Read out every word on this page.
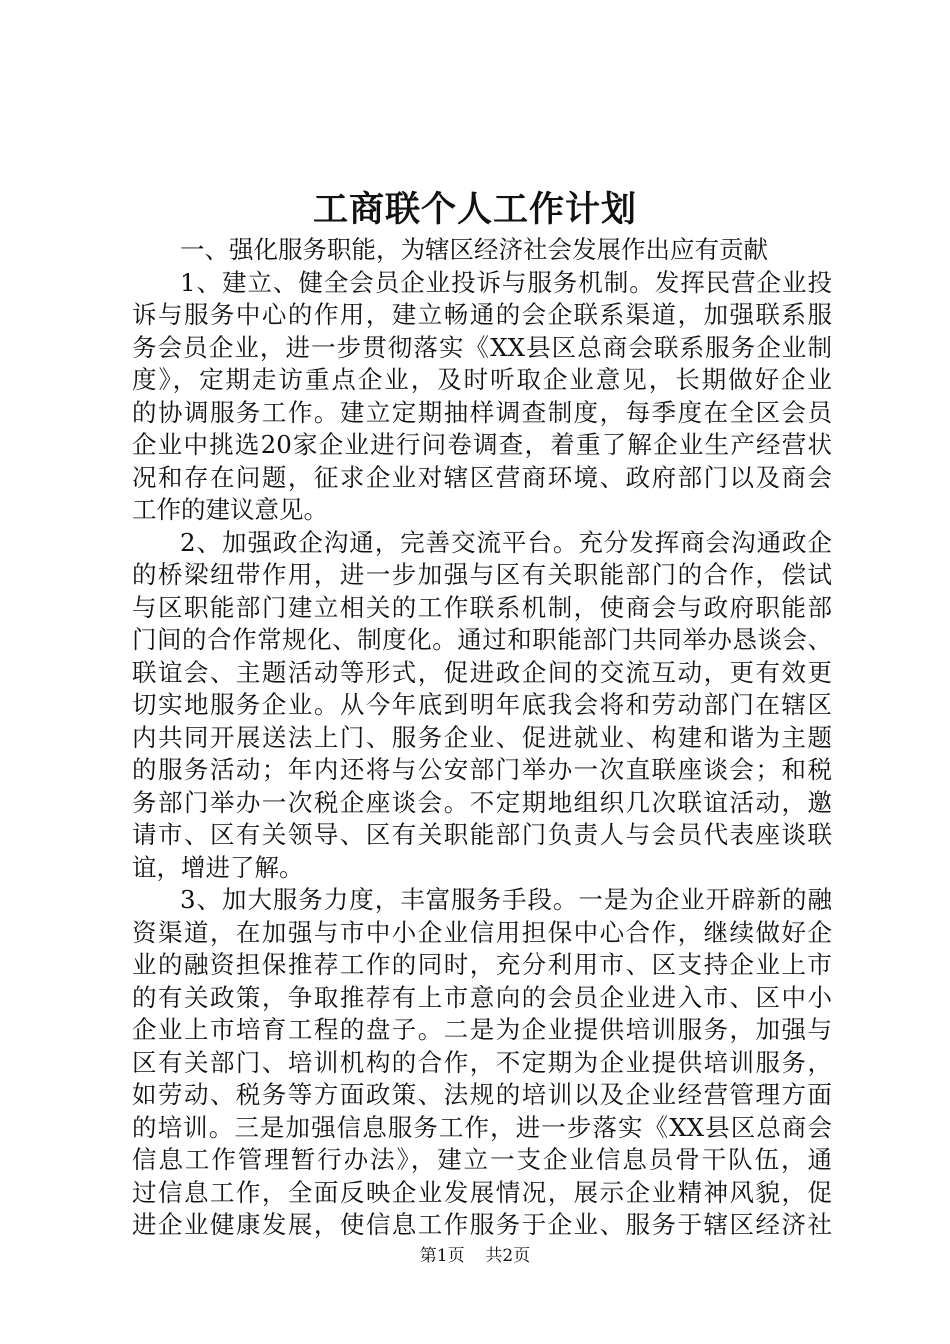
工商联个人工作计划
一、强化服务职能，为辖区经济社会发展作出应有贡献
1、建立、健全会员企业投诉与服务机制。发挥民营企业投
诉与服务中心的作用，建立畅通的会企联系渠道，加强联系服
务会员企业，进一步贯彻落实《XX县区总商会联系服务企业制
度》，定期走访重点企业，及时听取企业意见，长期做好企业
的协调服务工作。建立定期抽样调查制度，每季度在全区会员
企业中挑选20家企业进行问卷调查，着重了解企业生产经营状
况和存在问题，征求企业对辖区营商环境、政府部门以及商会
工作的建议意见。
2、加强政企沟通，完善交流平台。充分发挥商会沟通政企
的桥梁纽带作用，进一步加强与区有关职能部门的合作，偿试
与区职能部门建立相关的工作联系机制，使商会与政府职能部
门间的合作常规化、制度化。通过和职能部门共同举办恳谈会、
联谊会、主题活动等形式，促进政企间的交流互动，更有效更
切实地服务企业。从今年底到明年底我会将和劳动部门在辖区
内共同开展送法上门、服务企业、促进就业、构建和谐为主题
的服务活动；年内还将与公安部门举办一次直联座谈会；和税
务部门举办一次税企座谈会。不定期地组织几次联谊活动，邀
请市、区有关领导、区有关职能部门负责人与会员代表座谈联
谊，增进了解。
3、加大服务力度，丰富服务手段。一是为企业开辟新的融
资渠道，在加强与市中小企业信用担保中心合作，继续做好企
业的融资担保推荐工作的同时，充分利用市、区支持企业上市
的有关政策，争取推荐有上市意向的会员企业进入市、区中小
企业上市培育工程的盘子。二是为企业提供培训服务，加强与
区有关部门、培训机构的合作，不定期为企业提供培训服务，
如劳动、税务等方面政策、法规的培训以及企业经营管理方面
的培训。三是加强信息服务工作，进一步落实《XX县区总商会
信息工作管理暂行办法》，建立一支企业信息员骨干队伍，通
过信息工作，全面反映企业发展情况，展示企业精神风貌，促
进企业健康发展，使信息工作服务于企业、服务于辖区经济社
第1页 共2页
